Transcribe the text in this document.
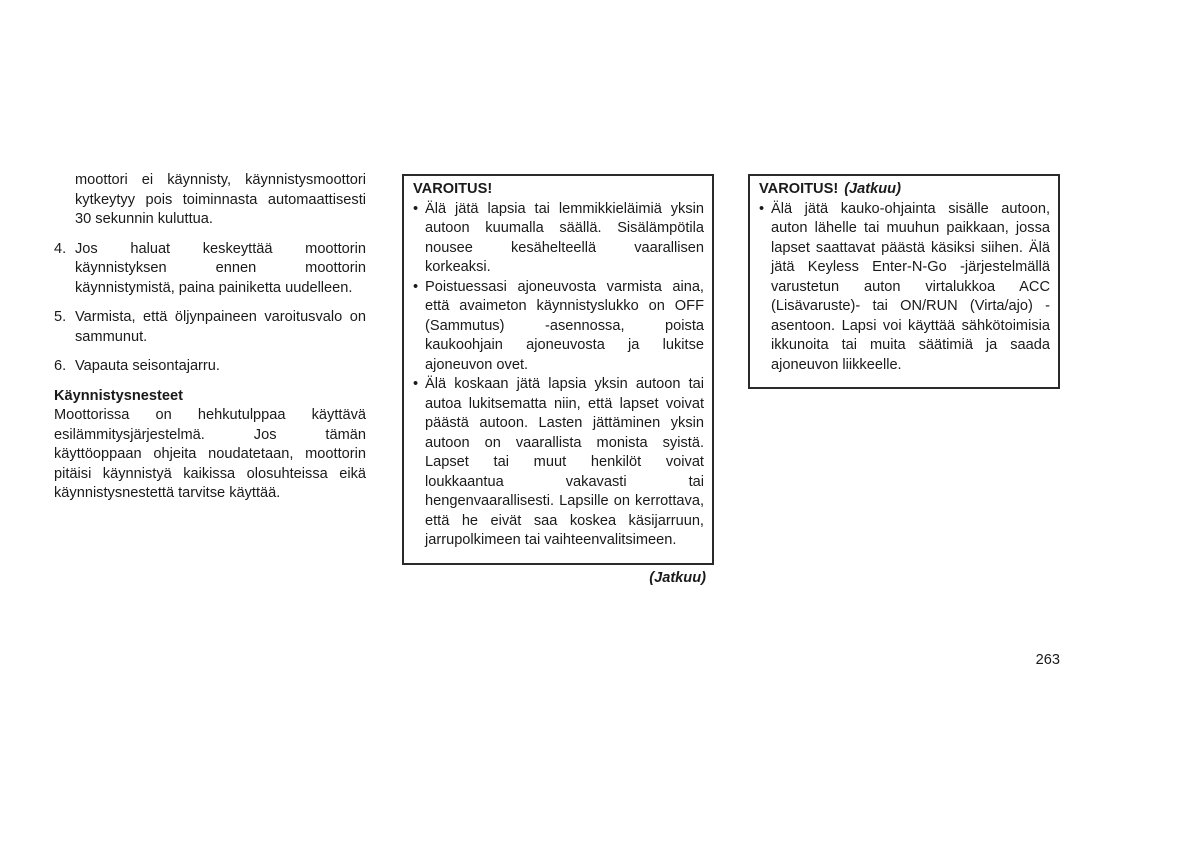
moottori ei käynnisty, käynnistysmoottori kytkeytyy pois toiminnasta automaattisesti 30 sekunnin kuluttua.

4. Jos haluat keskeyttää moottorin käynnistyksen ennen moottorin käynnistymistä, paina painiketta uudelleen.
5. Varmista, että öljynpaineen varoitusvalo on sammunut.
6. Vapauta seisontajarru.
Käynnistysnesteet

Moottorissa on hehkutulppaa käyttävä esilämmitysjärjestelmä. Jos tämän käyttöoppaan ohjeita noudatetaan, moottorin pitäisi käynnistyä kaikissa olosuhteissa eikä käynnistysnestettä tarvitse käyttää.

VAROITUS!
• Älä jätä lapsia tai lemmikkieläimiä yksin autoon kuumalla säällä. Sisälämpötila nousee kesähelteellä vaarallisen korkeaksi.
• Poistuessasi ajoneuvosta varmista aina, että avaimeton käynnistyslukko on OFF (Sammutus) -asennossa, poista kaukoohjain ajoneuvosta ja lukitse ajoneuvon ovet.
• Älä koskaan jätä lapsia yksin autoon tai autoa lukitsematta niin, että lapset voivat päästä autoon. Lasten jättäminen yksin autoon on vaarallista monista syistä. Lapset tai muut henkilöt voivat loukkaantua vakavasti tai hengenvaarallisesti. Lapsille on kerrottava, että he eivät saa koskea käsijarruun, jarrupolkimeen tai vaihteenvalitsimeen.
(Jatkuu)
VAROITUS! (Jatkuu)
• Älä jätä kauko-ohjainta sisälle autoon, auton lähelle tai muuhun paikkaan, jossa lapset saattavat päästä käsiksi siihen. Älä jätä Keyless Enter-N-Go -järjestelmällä varustetun auton virtalukkoa ACC (Lisävaruste)- tai ON/RUN (Virta/ajo) -asentoon. Lapsi voi käyttää sähkötoimisia ikkunoita tai muita säätimiä ja saada ajoneuvon liikkeelle.
263
